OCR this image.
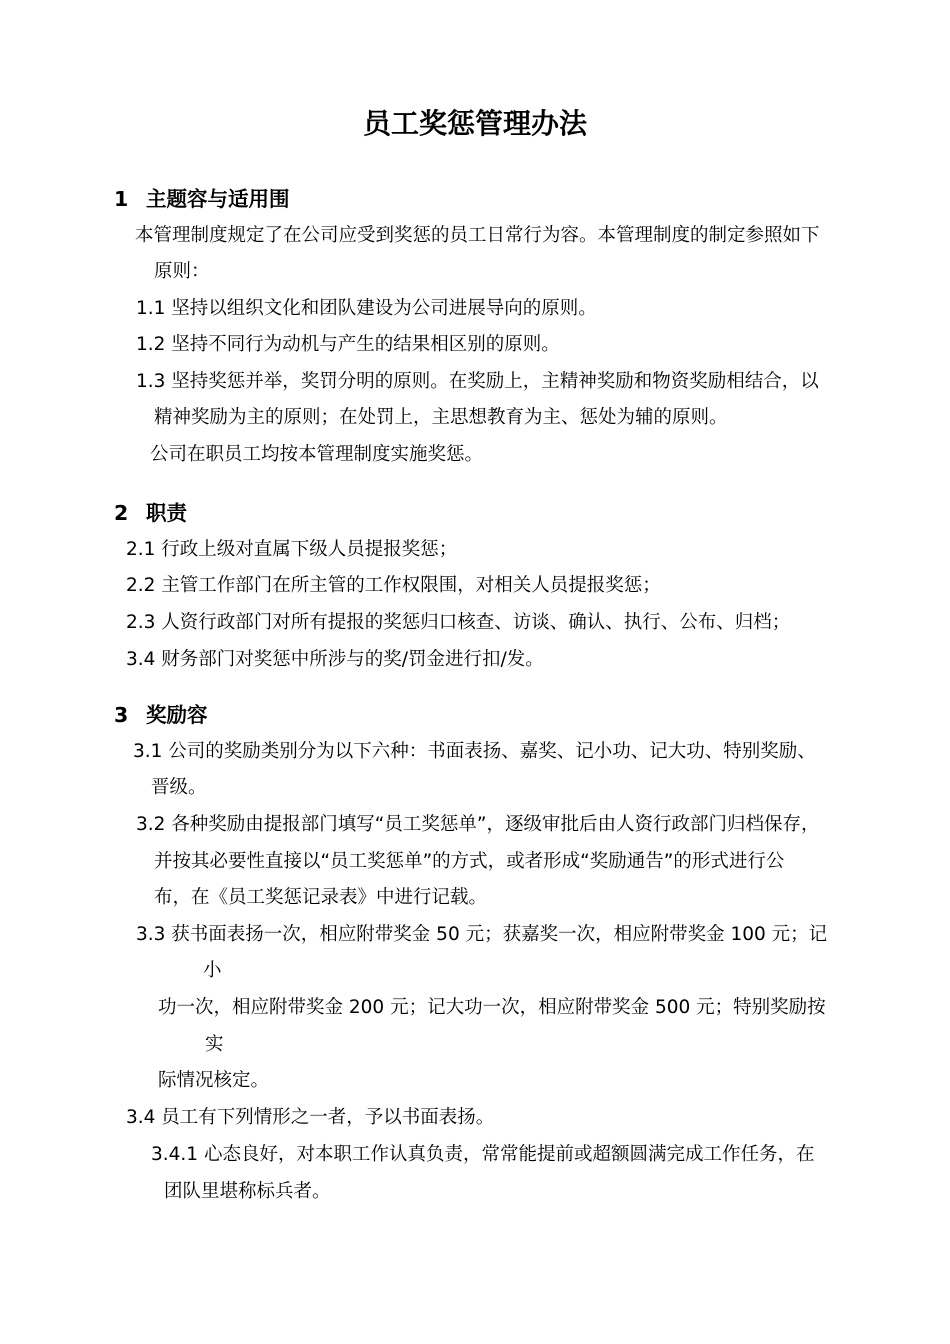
员工奖惩管理办法
1 主题容与适用围
本管理制度规定了在公司应受到奖惩的员工日常行为容。本管理制度的制定参照如下
原则：
1.1 坚持以组织文化和团队建设为公司进展导向的原则。
1.2 坚持不同行为动机与产生的结果相区别的原则。
1.3 坚持奖惩并举，奖罚分明的原则。在奖励上，主精神奖励和物资奖励相结合，以
精神奖励为主的原则；在处罚上，主思想教育为主、惩处为辅的原则。
公司在职员工均按本管理制度实施奖惩。
2 职责
2.1 行政上级对直属下级人员提报奖惩；
2.2 主管工作部门在所主管的工作权限围，对相关人员提报奖惩；
2.3 人资行政部门对所有提报的奖惩归口核查、访谈、确认、执行、公布、归档；
3.4 财务部门对奖惩中所涉与的奖/罚金进行扣/发。
3 奖励容
3.1 公司的奖励类别分为以下六种：书面表扬、嘉奖、记小功、记大功、特别奖励、
晋级。
3.2 各种奖励由提报部门填写“员工奖惩单”，逐级审批后由人资行政部门归档保存，
并按其必要性直接以“员工奖惩单”的方式，或者形成“奖励通告”的形式进行公
布，在《员工奖惩记录表》中进行记载。
3.3 获书面表扬一次，相应附带奖金 50 元；获嘉奖一次，相应附带奖金 100 元；记
小
功一次，相应附带奖金 200 元；记大功一次，相应附带奖金 500 元；特别奖励按
实
际情况核定。
3.4 员工有下列情形之一者，予以书面表扬。
3.4.1 心态良好，对本职工作认真负责，常常能提前或超额圆满完成工作任务，在
团队里堪称标兵者。
